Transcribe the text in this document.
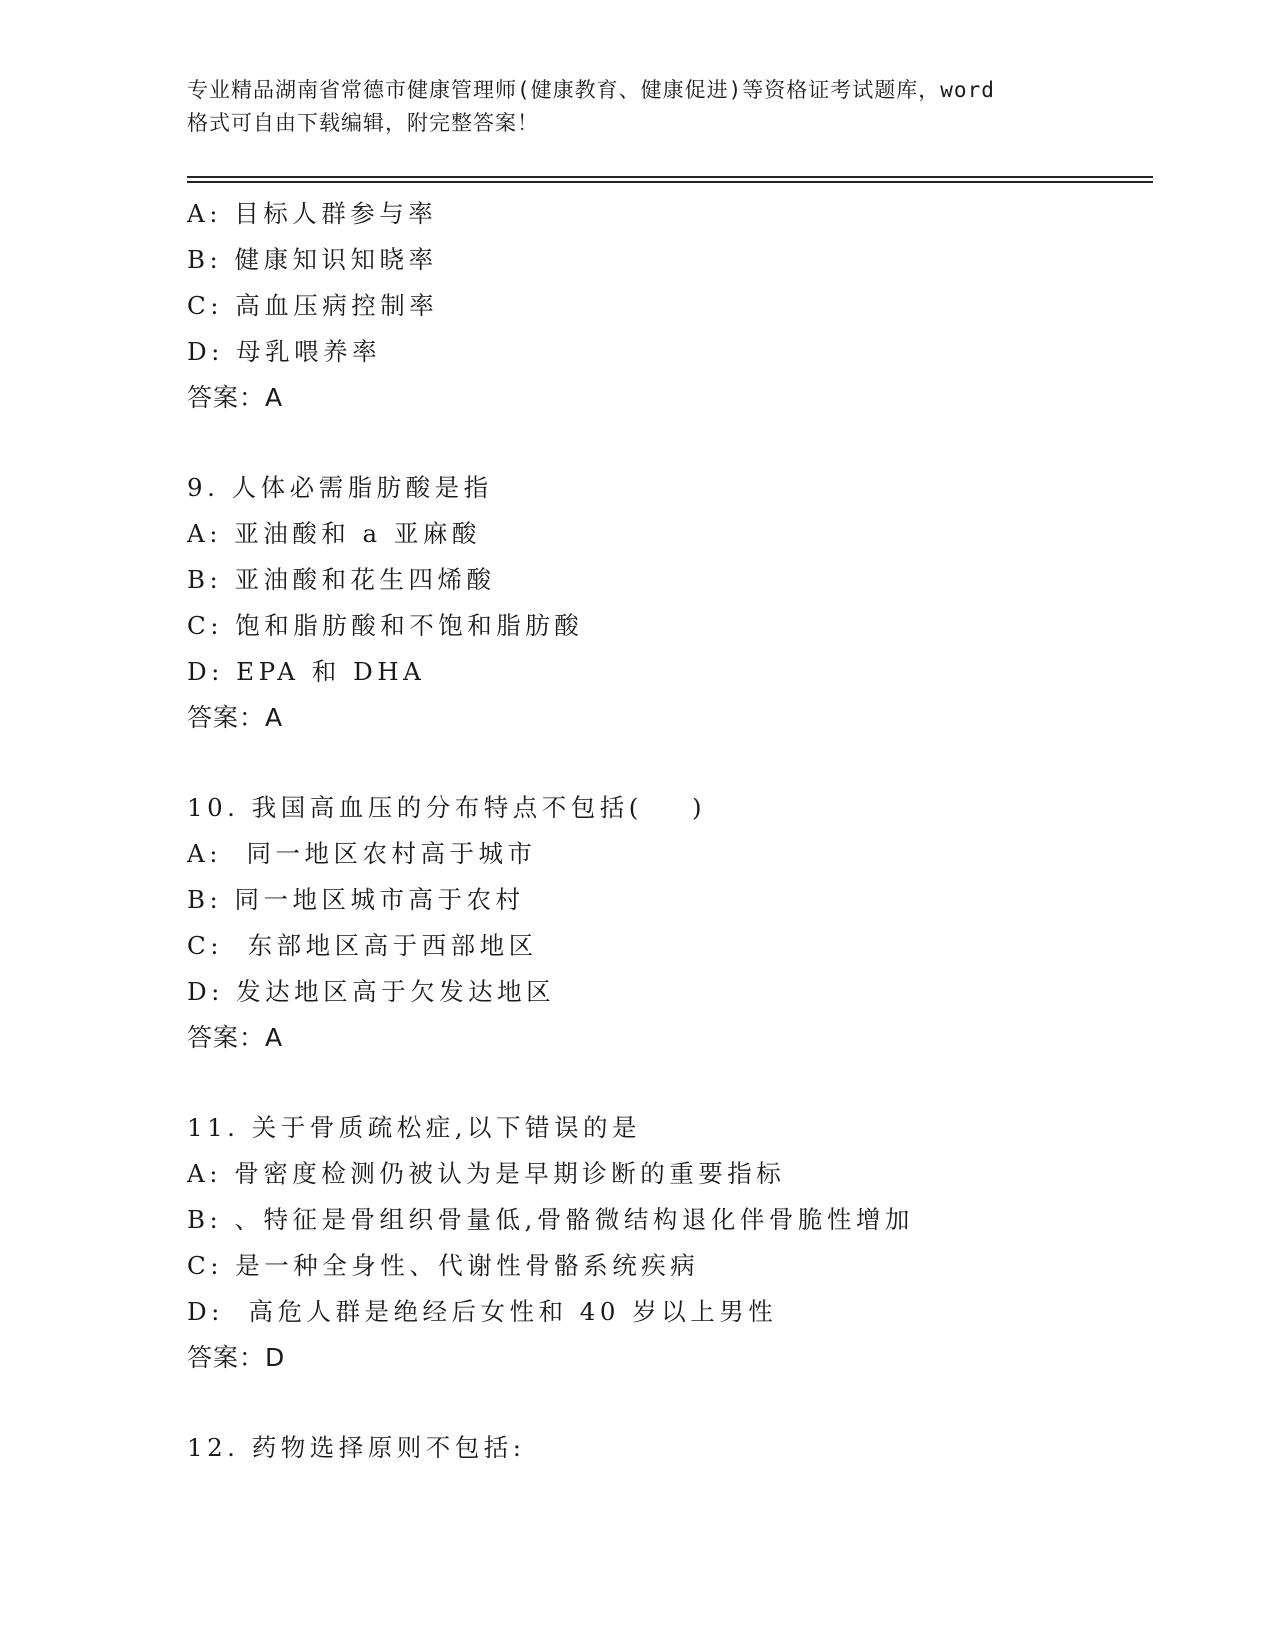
专业精品湖南省常德市健康管理师(健康教育、健康促进)等资格证考试题库，word
格式可自由下载编辑，附完整答案！
A: 目标人群参与率
B: 健康知识知晓率
C: 高血压病控制率
D: 母乳喂养率
答案：A
9. 人体必需脂肪酸是指
A: 亚油酸和 a 亚麻酸
B: 亚油酸和花生四烯酸
C: 饱和脂肪酸和不饱和脂肪酸
D: EPA 和 DHA
答案：A
10. 我国高血压的分布特点不包括(    )
A:  同一地区农村高于城市
B: 同一地区城市高于农村
C:  东部地区高于西部地区
D: 发达地区高于欠发达地区
答案：A
11. 关于骨质疏松症,以下错误的是
A: 骨密度检测仍被认为是早期诊断的重要指标
B: 、特征是骨组织骨量低,骨骼微结构退化伴骨脆性增加
C: 是一种全身性、代谢性骨骼系统疾病
D:  高危人群是绝经后女性和 40 岁以上男性
答案：D
12. 药物选择原则不包括:
